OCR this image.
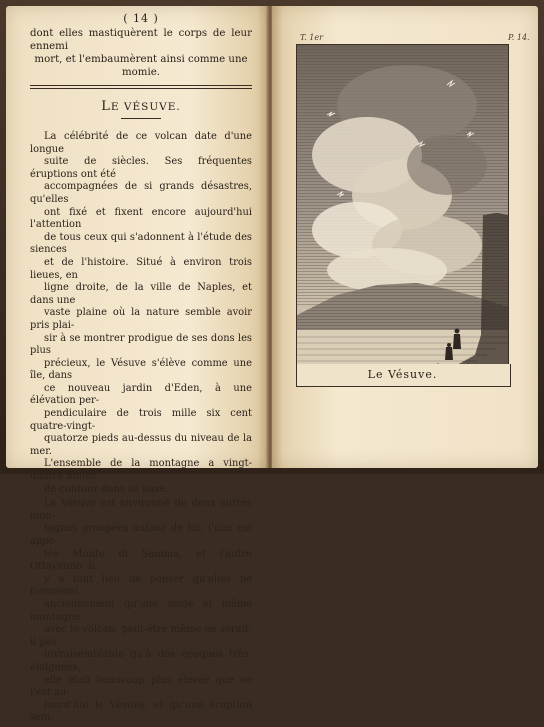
( 14 )
dont elles mastiquèrent le corps de leur ennemi
mort, et l'embaumèrent ainsi comme une momie.
LE VÉSUVE.

La célébrité de ce volcan date d'une longue
suite de siècles. Ses fréquentes éruptions ont été
accompagnées de si grands désastres, qu'elles
ont fixé et fixent encore aujourd'hui l'attention
de tous ceux qui s'adonnent à l'étude des siences
et de l'histoire. Situé à environ trois lieues, en
ligne droite, de la ville de Naples, et dans une
vaste plaine où la nature semble avoir pris plai-
sir à se montrer prodigue de ses dons les plus
précieux, le Vésuve s'élève comme une île, dans
ce nouveau jardin d'Eden, à une élévation per-
pendiculaire de trois mille six cent quatre-vingt-
quatorze pieds au-dessus du niveau de la mer.
L'ensemble de la montagne a vingt-quatre milles
de contour dans sa base.

Le Vésuve est environné de deux autres mon-
tagnes groupées autour de lui; l'une est appe-
lée Monte di Somma, et l'autre Ottayanno. Il
y a tout lieu de penser qu'elles ne formaient
anciennement qu'une seule et même montagne
avec le volcan; peut-être même ne serait-il pas
invraisemblable qu'à des époques très-éloignées,
elle était beaucoup plus élevée que ne l'est au-
jourd'hui le Vésuve, et qu'une éruption sem-

T. 1er	P. 14.
Le Vésuve.
